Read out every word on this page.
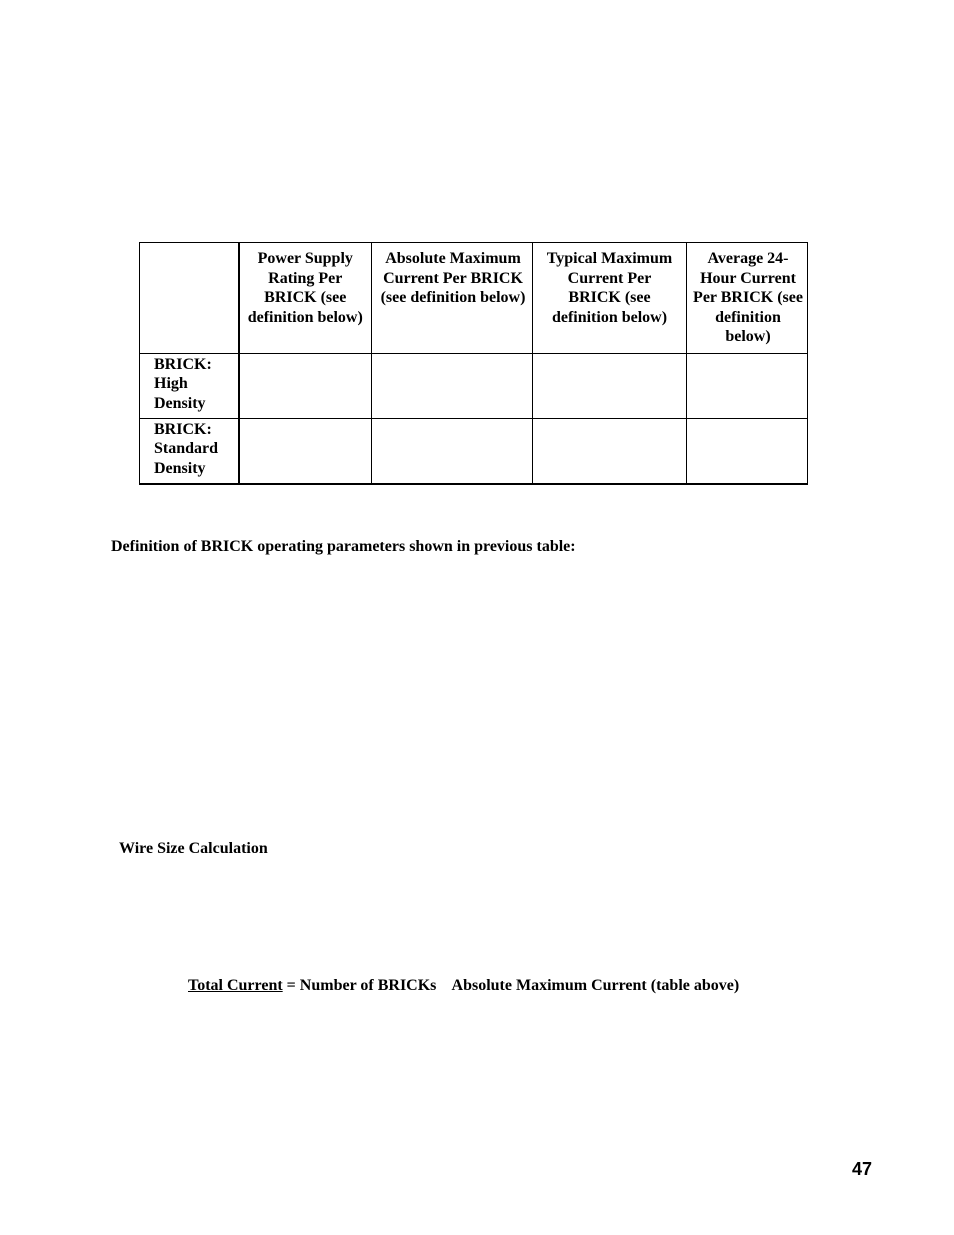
	Power Supply Rating Per BRICK (see definition below)	Absolute Maximum Current Per BRICK (see definition below)	Typical Maximum Current Per BRICK (see definition below)	Average 24-Hour Current Per BRICK (see definition below)
BRICK: High Density				
BRICK: Standard Density				
Definition of BRICK operating parameters shown in previous table:
Wire Size Calculation
Total Current = Number of BRICKs    Absolute Maximum Current (table above)
47
